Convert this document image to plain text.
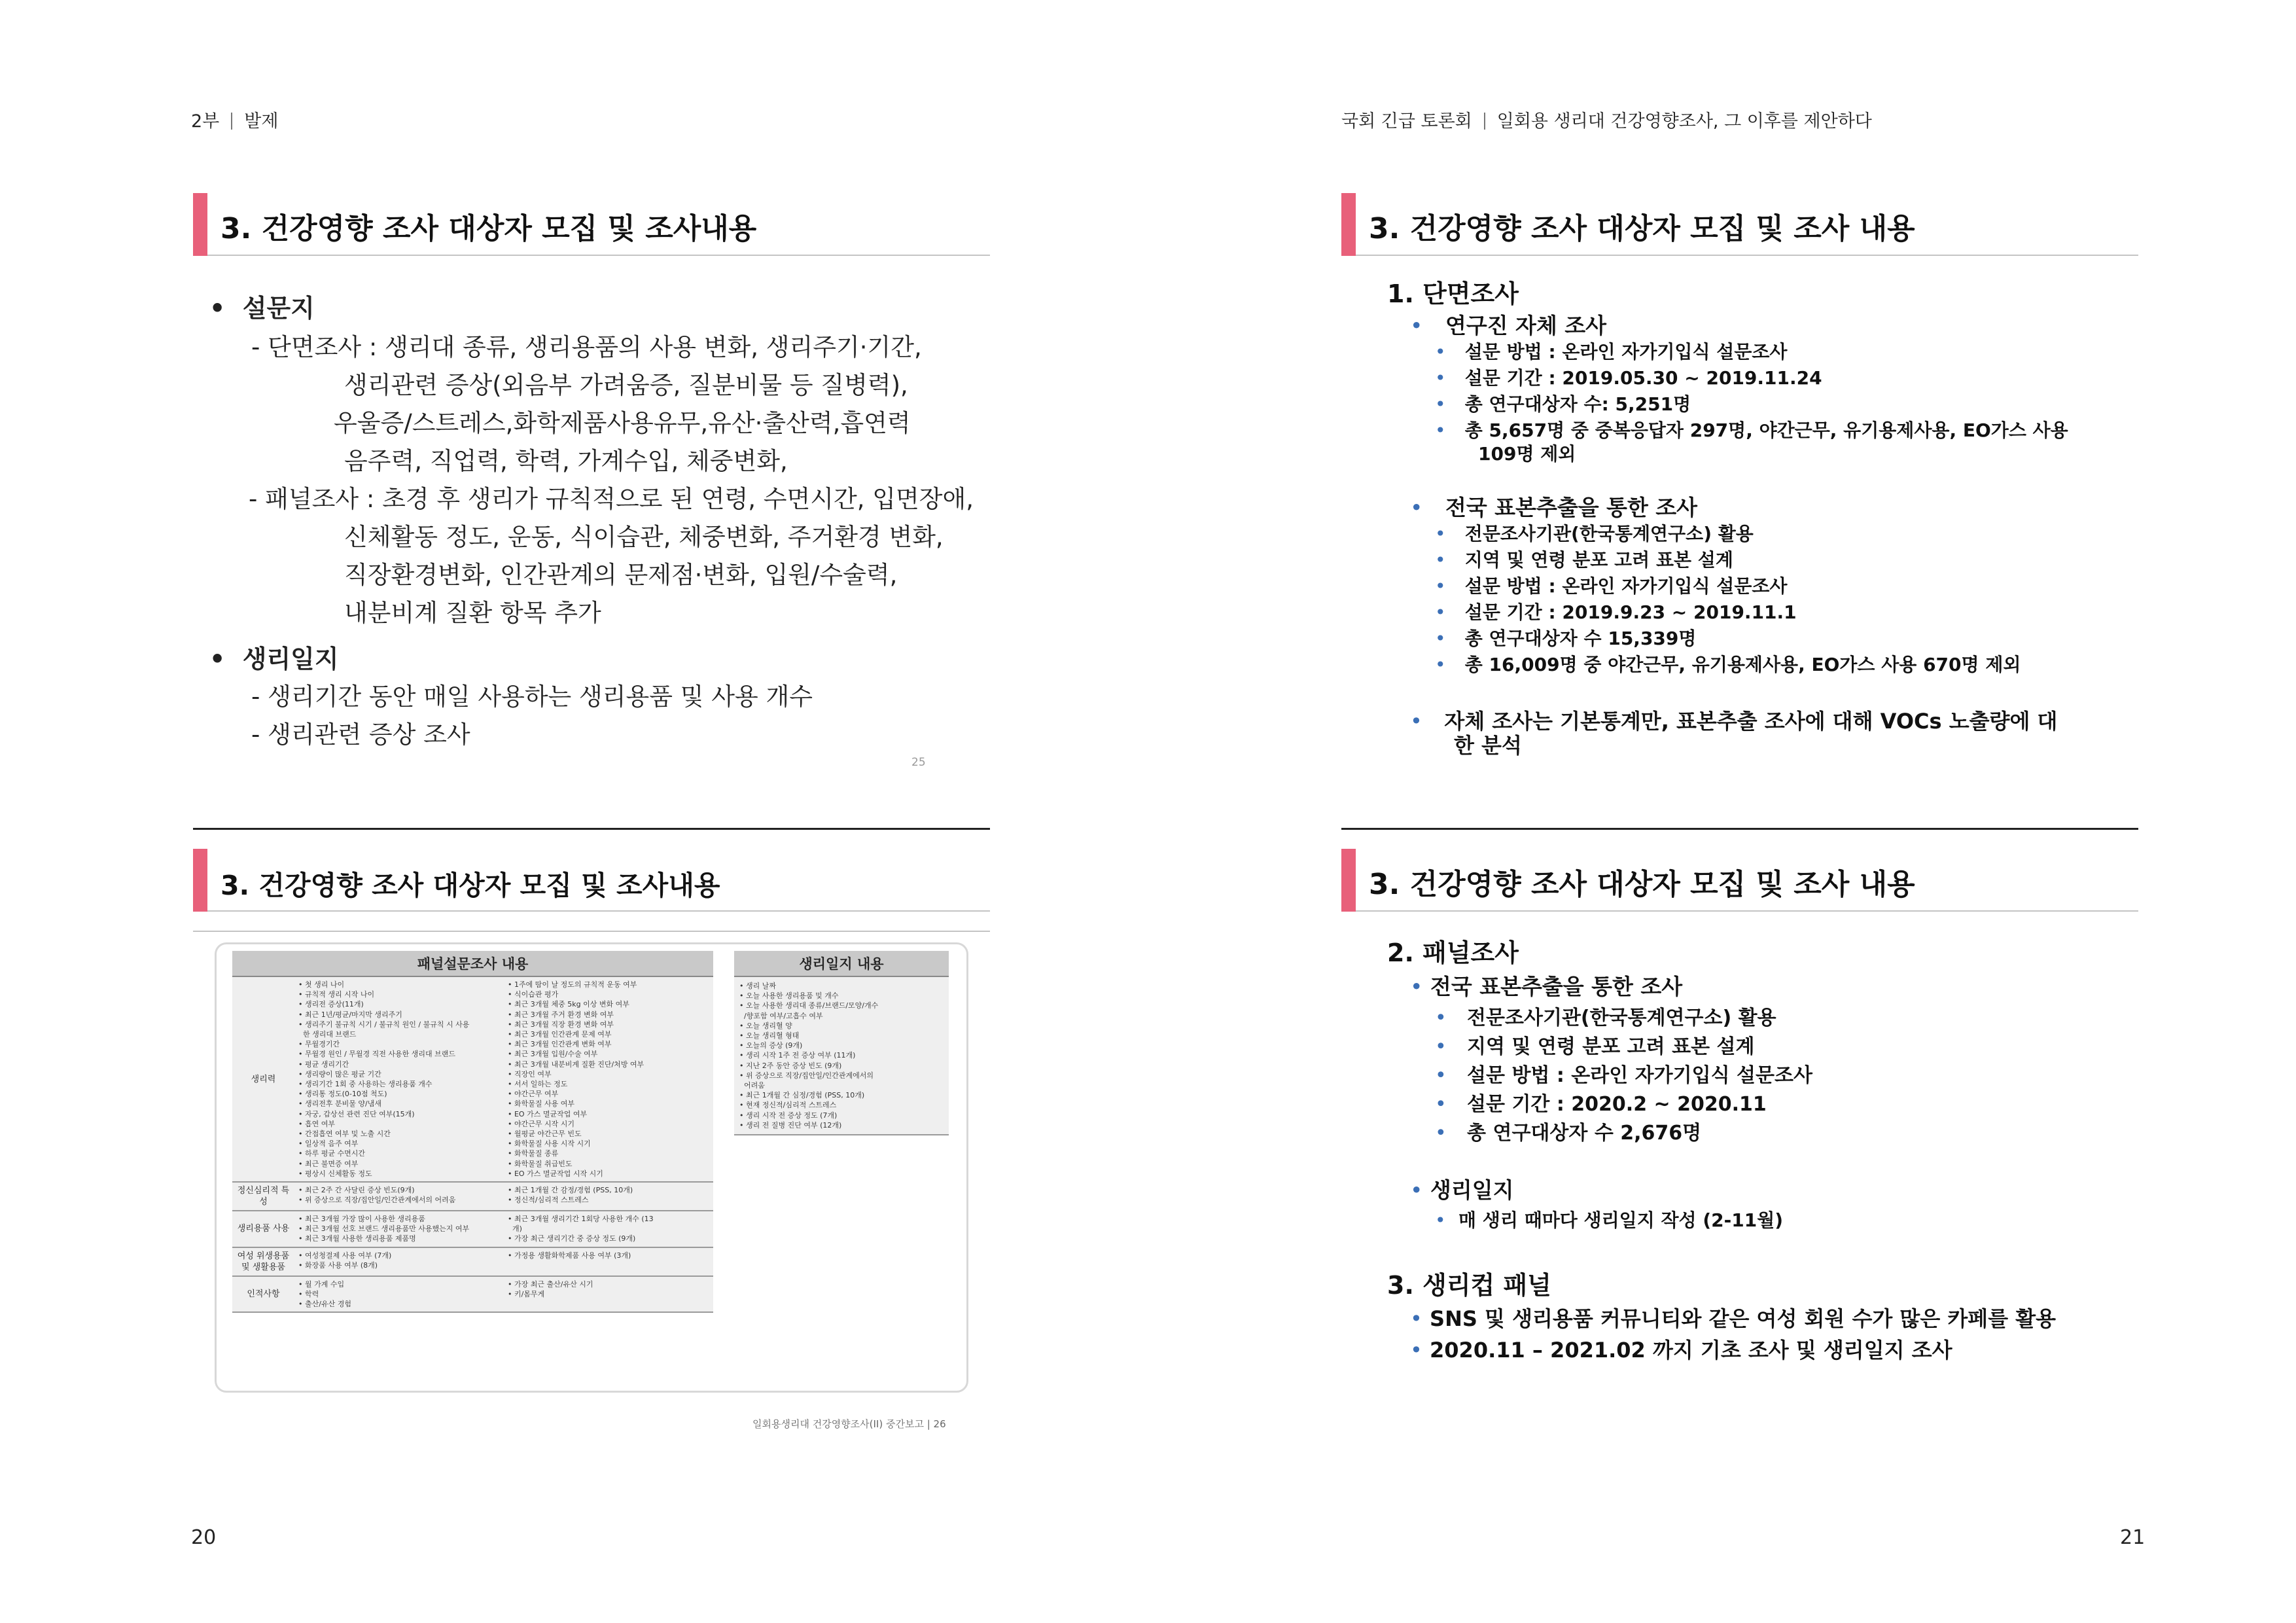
2부 발제
3. 건강영향 조사 대상자 모집 및 조사내용
•  설문지
- 단면조사 : 생리대 종류, 생리용품의 사용 변화, 생리주기·기간,
생리관련 증상(외음부 가려움증, 질분비물 등 질병력),
우울증/스트레스,화학제품사용유무,유산·출산력,흡연력
음주력, 직업력, 학력, 가계수입, 체중변화,
- 패널조사 : 초경 후 생리가 규칙적으로 된 연령, 수면시간, 입면장애,
신체활동 정도, 운동, 식이습관, 체중변화, 주거환경 변화,
직장환경변화, 인간관계의 문제점·변화, 입원/수술력,
내분비계 질환 항목 추가
•  생리일지
- 생리기간 동안 매일 사용하는 생리용품 및 사용 개수
- 생리관련 증상 조사
25
3. 건강영향 조사 대상자 모집 및 조사내용
패널설문조사 내용
생리력
• 첫 생리 나이
• 규칙적 생리 시작 나이
• 생리전 증상(11개)
• 최근 1년/평균/마지막 생리주기
• 생리주기 불규칙 시기 / 불규칙 원인 / 불규칙 시 사용
한 생리대 브랜드
• 무월경기간
• 무월경 원인 / 무월경 직전 사용한 생리대 브랜드
• 평균 생리기간
• 생리량이 많은 평균 기간
• 생리기간 1회 중 사용하는 생리용품 개수
• 생리통 정도(0-10점 척도)
• 생리전후 분비물 양/냄새
• 자궁, 갑상선 관련 진단 여부(15개)
• 흡연 여부
• 간접흡연 여부 및 노출 시간
• 일상적 음주 여부
• 하루 평균 수면시간
• 최근 불면증 여부
• 평상시 신체활동 정도
• 1주에 땀이 날 정도의 규칙적 운동 여부
• 식이습관 평가
• 최근 3개월 체중 5kg 이상 변화 여부
• 최근 3개월 주거 환경 변화 여부
• 최근 3개월 직장 환경 변화 여부
• 최근 3개월 인간관계 문제 여부
• 최근 3개월 인간관계 변화 여부
• 최근 3개월 입원/수술 여부
• 최근 3개월 내분비계 질환 진단/처방 여부
• 직장인 여부
• 서서 일하는 정도
• 야간근무 여부
• 화학물질 사용 여부
• EO 가스 멸균작업 여부
• 야간근무 시작 시기
• 월평균 야간근무 빈도
• 화학물질 사용 시작 시기
• 화학물질 종류
• 화학물질 취급빈도
• EO 가스 멸균작업 시작 시기
정신심리적 특성
• 최근 2주 간 사달린 증상 빈도(9개)
• 위 증상으로 직장/집안일/인간관계에서의 어려움
• 최근 1개월 간 감정/경험 (PSS, 10개)
• 정신적/심리적 스트레스
생리용품 사용
• 최근 3개월 가장 많이 사용한 생리용품
• 최근 3개월 선호 브랜드 생리용품만 사용했는지 여부
• 최근 3개월 사용한 생리용품 제품명
• 최근 3개월 생리기간 1회당 사용한 개수 (13
개)
• 가장 최근 생리기간 중 증상 정도 (9개)
여성 위생용품 및 생활용품
• 여성청결제 사용 여부 (7개)
• 화장품 사용 여부 (8개)
• 가정용 생활화학제품 사용 여부 (3개)
인적사항
• 월 가계 수입
• 학력
• 출산/유산 경험
• 가장 최근 출산/유산 시기
• 키/몸무게
생리일지 내용
• 생리 날짜
• 오늘 사용한 생리용품 및 개수
• 오늘 사용한 생리대 종류/브랜드/모양/개수
/향포함 여부/고흡수 여부
• 오늘 생리혈 양
• 오늘 생리혈 형태
• 오늘의 증상 (9개)
• 생리 시작 1주 전 증상 여부 (11개)
• 지난 2주 동안 증상 빈도 (9개)
• 위 증상으로 직장/집안일/인간관계에서의
어려움
• 최근 1개월 간 심정/경험 (PSS, 10개)
• 현재 정신적/심리적 스트레스
• 생리 시작 전 증상 정도 (7개)
• 생리 전 질병 진단 여부 (12개)
일회용생리대 건강영향조사(II) 중간보고 | 26
20
국회 긴급 토론회 일회용 생리대 건강영향조사, 그 이후를 제안하다
3. 건강영향 조사 대상자 모집 및 조사 내용
1. 단면조사
• 연구진 자체 조사
• 설문 방법 : 온라인 자가기입식 설문조사
• 설문 기간 : 2019.05.30 ~ 2019.11.24
• 총 연구대상자 수: 5,251명
• 총 5,657명 중 중복응답자 297명, 야간근무, 유기용제사용, EO가스 사용
109명 제외
• 전국 표본추출을 통한 조사
• 전문조사기관(한국통계연구소) 활용
• 지역 및 연령 분포 고려 표본 설계
• 설문 방법 : 온라인 자가기입식 설문조사
• 설문 기간 : 2019.9.23 ~ 2019.11.1
• 총 연구대상자 수 15,339명
• 총 16,009명 중 야간근무, 유기용제사용, EO가스 사용 670명 제외
• 자체 조사는 기본통계만, 표본추출 조사에 대해 VOCs 노출량에 대
한 분석
3. 건강영향 조사 대상자 모집 및 조사 내용
2. 패널조사
• 전국 표본추출을 통한 조사
• 전문조사기관(한국통계연구소) 활용
• 지역 및 연령 분포 고려 표본 설계
• 설문 방법 : 온라인 자가기입식 설문조사
• 설문 기간 : 2020.2 ~ 2020.11
• 총 연구대상자 수 2,676명
• 생리일지
• 매 생리 때마다 생리일지 작성 (2-11월)
3. 생리컵 패널
• SNS 및 생리용품 커뮤니티와 같은 여성 회원 수가 많은 카페를 활용
• 2020.11 – 2021.02 까지 기초 조사 및 생리일지 조사
21
